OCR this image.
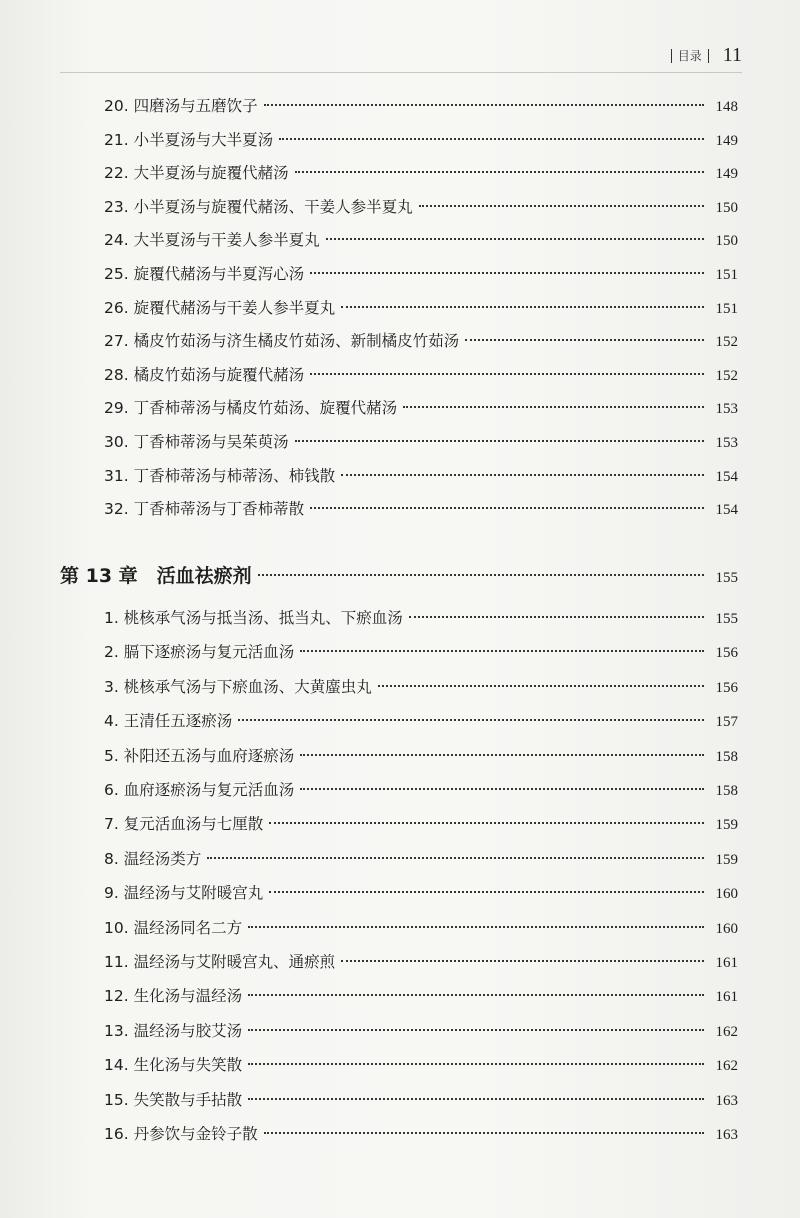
目录	11
20. 四磨汤与五磨饮子	148
21. 小半夏汤与大半夏汤	149
22. 大半夏汤与旋覆代赭汤	149
23. 小半夏汤与旋覆代赭汤、干姜人参半夏丸	150
24. 大半夏汤与干姜人参半夏丸	150
25. 旋覆代赭汤与半夏泻心汤	151
26. 旋覆代赭汤与干姜人参半夏丸	151
27. 橘皮竹茹汤与济生橘皮竹茹汤、新制橘皮竹茹汤	152
28. 橘皮竹茹汤与旋覆代赭汤	152
29. 丁香柿蒂汤与橘皮竹茹汤、旋覆代赭汤	153
30. 丁香柿蒂汤与吴茱萸汤	153
31. 丁香柿蒂汤与柿蒂汤、柿钱散	154
32. 丁香柿蒂汤与丁香柿蒂散	154
第 13 章　活血祛瘀剂	155
1. 桃核承气汤与抵当汤、抵当丸、下瘀血汤	155
2. 膈下逐瘀汤与复元活血汤	156
3. 桃核承气汤与下瘀血汤、大黄䗪虫丸	156
4. 王清任五逐瘀汤	157
5. 补阳还五汤与血府逐瘀汤	158
6. 血府逐瘀汤与复元活血汤	158
7. 复元活血汤与七厘散	159
8. 温经汤类方	159
9. 温经汤与艾附暖宫丸	160
10. 温经汤同名二方	160
11. 温经汤与艾附暖宫丸、通瘀煎	161
12. 生化汤与温经汤	161
13. 温经汤与胶艾汤	162
14. 生化汤与失笑散	162
15. 失笑散与手拈散	163
16. 丹参饮与金铃子散	163
